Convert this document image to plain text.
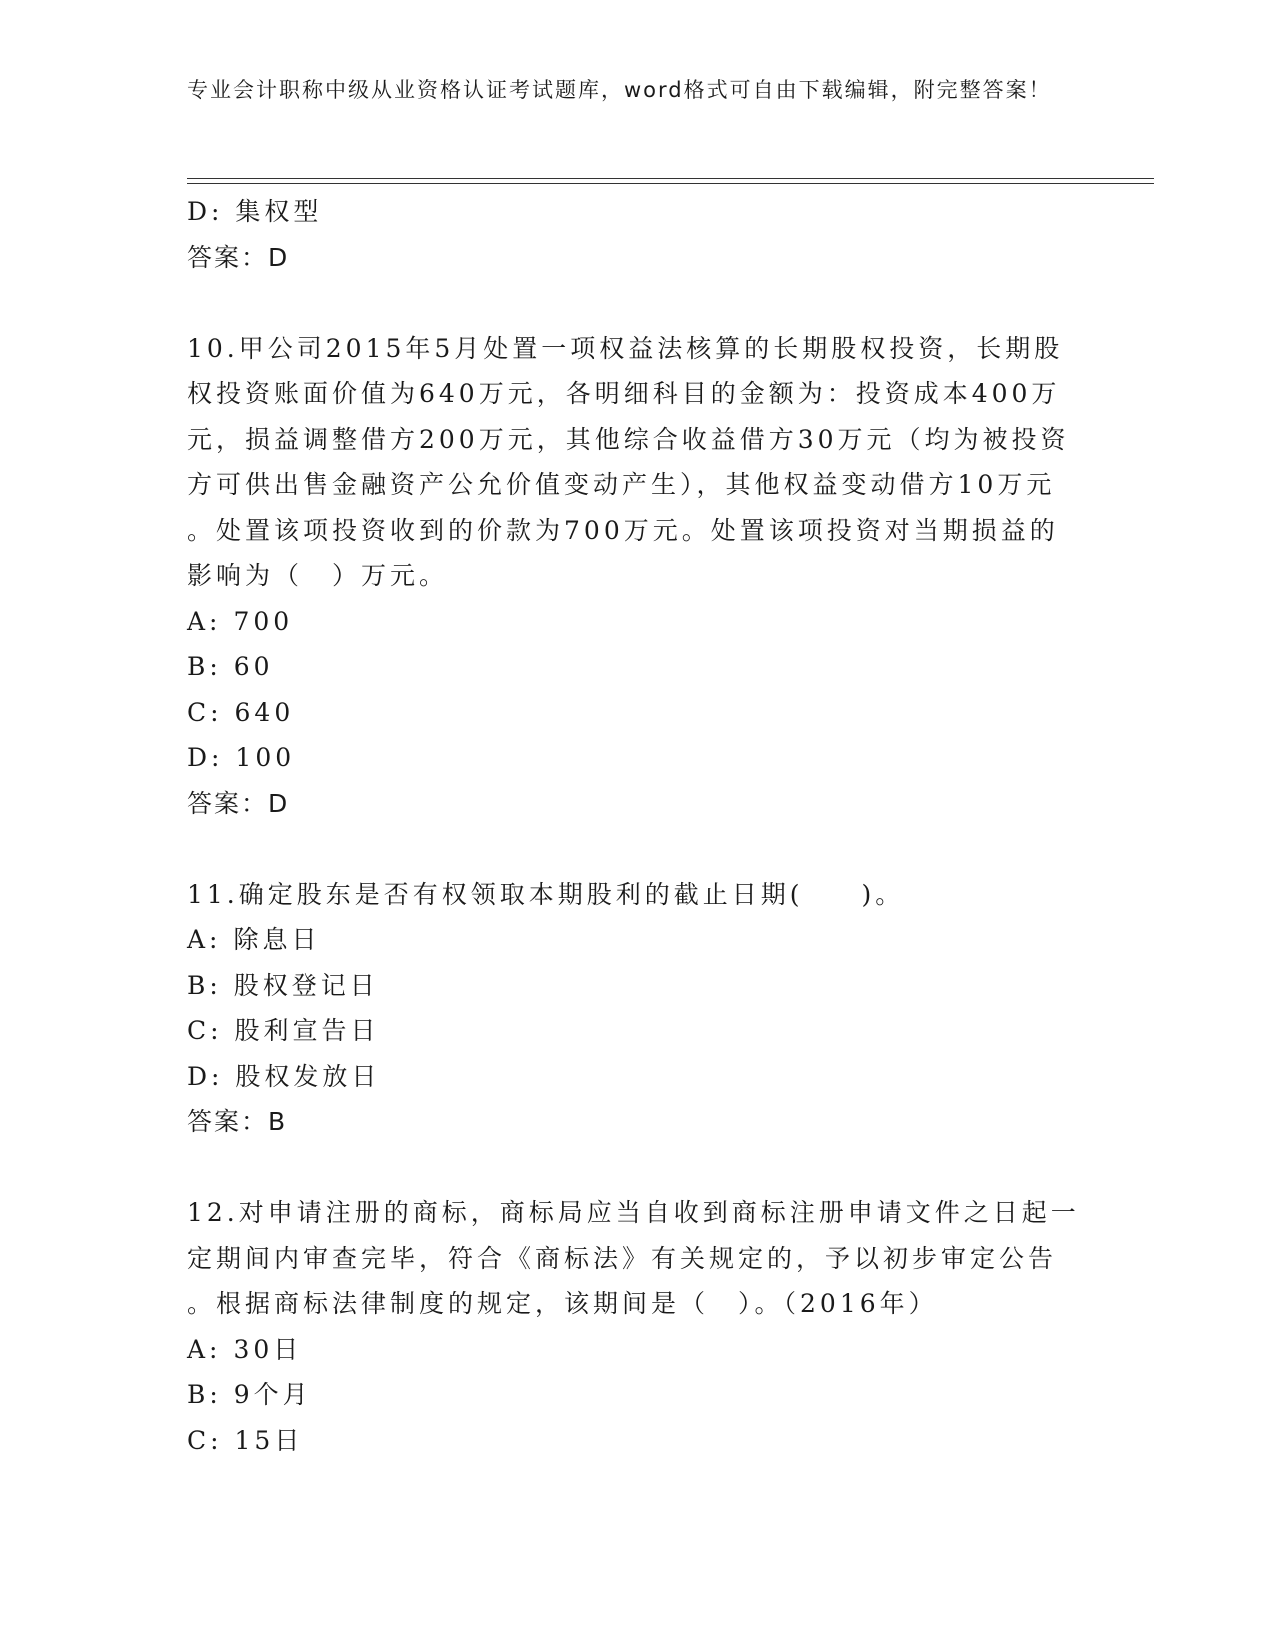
专业会计职称中级从业资格认证考试题库，word格式可自由下载编辑，附完整答案！
D: 集权型
答案：D
10.甲公司2015年5月处置一项权益法核算的长期股权投资，长期股
权投资账面价值为640万元，各明细科目的金额为：投资成本400万
元，损益调整借方200万元，其他综合收益借方30万元（均为被投资
方可供出售金融资产公允价值变动产生），其他权益变动借方10万元
。处置该项投资收到的价款为700万元。处置该项投资对当期损益的
影响为（　）万元。
A: 700
B: 60
C: 640
D: 100
答案：D
11.确定股东是否有权领取本期股利的截止日期(　　)。
A: 除息日
B: 股权登记日
C: 股利宣告日
D: 股权发放日
答案：B
12.对申请注册的商标，商标局应当自收到商标注册申请文件之日起一
定期间内审查完毕，符合《商标法》有关规定的，予以初步审定公告
。根据商标法律制度的规定，该期间是（　）。（2016年）
A: 30日
B: 9个月
C: 15日
